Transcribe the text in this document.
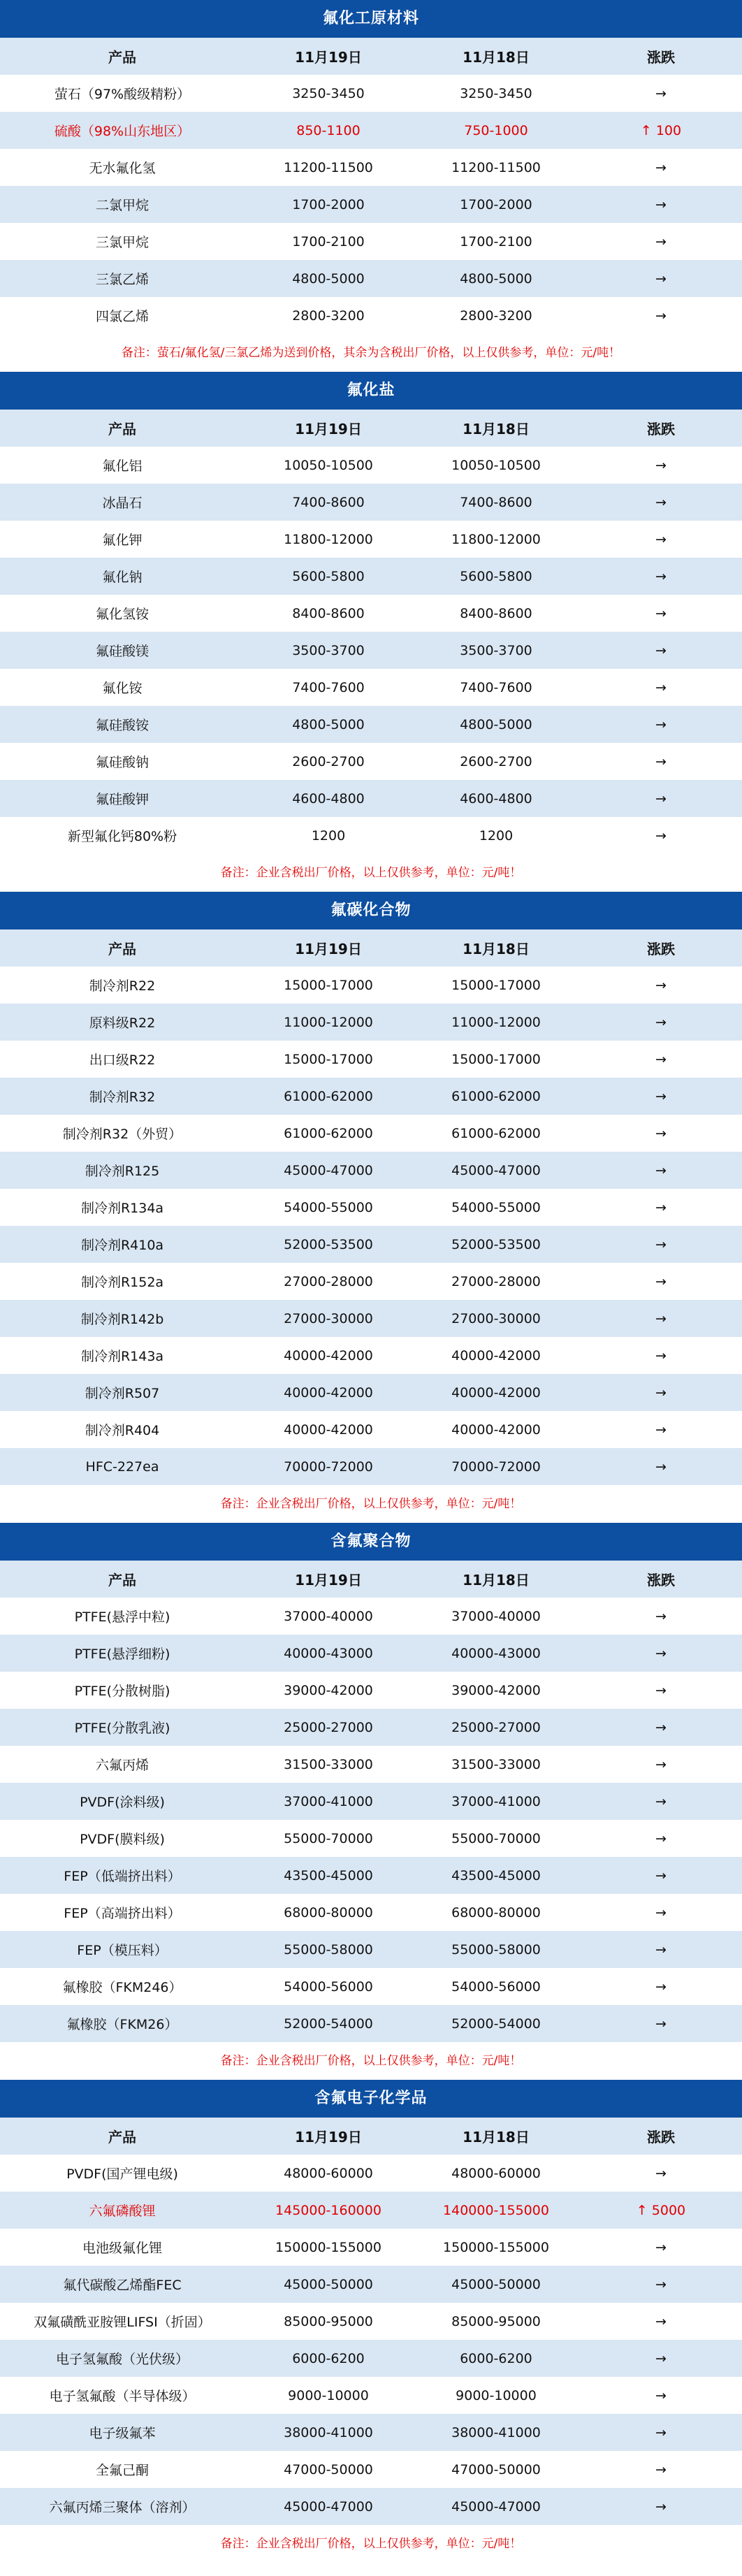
氟化工原材料
产品	11月19日	11月18日	涨跌
萤石（97%酸级精粉）	3250-3450	3250-3450	→
硫酸（98%山东地区）	850-1100	750-1000	↑ 100
无水氟化氢	11200-11500	11200-11500	→
二氯甲烷	1700-2000	1700-2000	→
三氯甲烷	1700-2100	1700-2100	→
三氯乙烯	4800-5000	4800-5000	→
四氯乙烯	2800-3200	2800-3200	→
备注：萤石/氟化氢/三氯乙烯为送到价格，其余为含税出厂价格，以上仅供参考，单位：元/吨！
氟化盐
产品	11月19日	11月18日	涨跌
氟化铝	10050-10500	10050-10500	→
冰晶石	7400-8600	7400-8600	→
氟化钾	11800-12000	11800-12000	→
氟化钠	5600-5800	5600-5800	→
氟化氢铵	8400-8600	8400-8600	→
氟硅酸镁	3500-3700	3500-3700	→
氟化铵	7400-7600	7400-7600	→
氟硅酸铵	4800-5000	4800-5000	→
氟硅酸钠	2600-2700	2600-2700	→
氟硅酸钾	4600-4800	4600-4800	→
新型氟化钙80%粉	1200	1200	→
备注：企业含税出厂价格，以上仅供参考，单位：元/吨！
氟碳化合物
产品	11月19日	11月18日	涨跌
制冷剂R22	15000-17000	15000-17000	→
原料级R22	11000-12000	11000-12000	→
出口级R22	15000-17000	15000-17000	→
制冷剂R32	61000-62000	61000-62000	→
制冷剂R32（外贸）	61000-62000	61000-62000	→
制冷剂R125	45000-47000	45000-47000	→
制冷剂R134a	54000-55000	54000-55000	→
制冷剂R410a	52000-53500	52000-53500	→
制冷剂R152a	27000-28000	27000-28000	→
制冷剂R142b	27000-30000	27000-30000	→
制冷剂R143a	40000-42000	40000-42000	→
制冷剂R507	40000-42000	40000-42000	→
制冷剂R404	40000-42000	40000-42000	→
HFC-227ea	70000-72000	70000-72000	→
备注：企业含税出厂价格，以上仅供参考，单位：元/吨！
含氟聚合物
产品	11月19日	11月18日	涨跌
PTFE(悬浮中粒)	37000-40000	37000-40000	→
PTFE(悬浮细粉)	40000-43000	40000-43000	→
PTFE(分散树脂)	39000-42000	39000-42000	→
PTFE(分散乳液)	25000-27000	25000-27000	→
六氟丙烯	31500-33000	31500-33000	→
PVDF(涂料级)	37000-41000	37000-41000	→
PVDF(膜料级)	55000-70000	55000-70000	→
FEP（低端挤出料）	43500-45000	43500-45000	→
FEP（高端挤出料）	68000-80000	68000-80000	→
FEP（模压料）	55000-58000	55000-58000	→
氟橡胶（FKM246）	54000-56000	54000-56000	→
氟橡胶（FKM26）	52000-54000	52000-54000	→
备注：企业含税出厂价格，以上仅供参考，单位：元/吨！
含氟电子化学品
产品	11月19日	11月18日	涨跌
PVDF(国产锂电级)	48000-60000	48000-60000	→
六氟磷酸锂	145000-160000	140000-155000	↑ 5000
电池级氟化锂	150000-155000	150000-155000	→
氟代碳酸乙烯酯FEC	45000-50000	45000-50000	→
双氟磺酰亚胺锂LIFSI（折固）	85000-95000	85000-95000	→
电子氢氟酸（光伏级）	6000-6200	6000-6200	→
电子氢氟酸（半导体级）	9000-10000	9000-10000	→
电子级氟苯	38000-41000	38000-41000	→
全氟己酮	47000-50000	47000-50000	→
六氟丙烯三聚体（溶剂）	45000-47000	45000-47000	→
备注：企业含税出厂价格，以上仅供参考，单位：元/吨！
